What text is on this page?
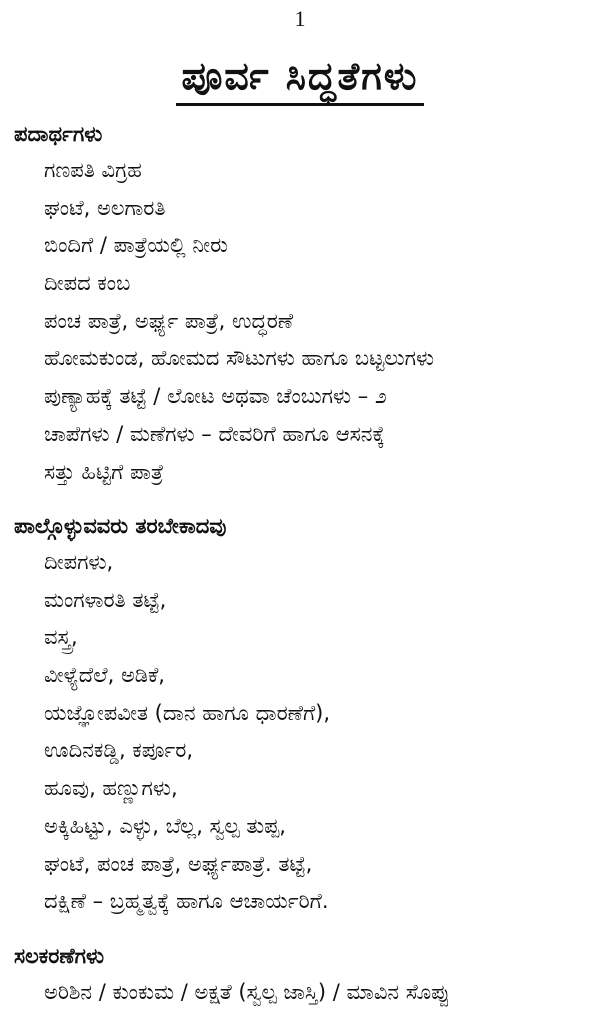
1
ಪೂರ್ವ ಸಿದ್ಧತೆಗಳು
ಪದಾರ್ಥಗಳು
ಗಣಪತಿ ವಿಗ್ರಹ
ಘಂಟೆ, ಅಲಗಾರತಿ
ಬಿಂದಿಗೆ / ಪಾತ್ರೆಯಲ್ಲಿ ನೀರು
ದೀಪದ ಕಂಬ
ಪಂಚ ಪಾತ್ರೆ, ಅರ್ಘ್ಯ ಪಾತ್ರೆ, ಉದ್ಧರಣೆ
ಹೋಮಕುಂಡ, ಹೋಮದ ಸೌಟುಗಳು ಹಾಗೂ ಬಟ್ಟಲುಗಳು
ಪುಣ್ಯಾಹಕ್ಕೆ ತಟ್ಟೆ / ಲೋಟ ಅಥವಾ ಚೆಂಬುಗಳು – ೨
ಚಾಪೆಗಳು / ಮಣೆಗಳು – ದೇವರಿಗೆ ಹಾಗೂ ಆಸನಕ್ಕೆ
ಸತ್ತು ಹಿಟ್ಟಿಗೆ ಪಾತ್ರೆ
ಪಾಲ್ಗೊಳ್ಳುವವರು ತರಬೇಕಾದವು
ದೀಪಗಳು,
ಮಂಗಳಾರತಿ ತಟ್ಟೆ,
ವಸ್ತ್ರ,
ವೀಳ್ಯೆದೆಲೆ, ಅಡಿಕೆ,
ಯಜ್ಞೋಪವೀತ (ದಾನ ಹಾಗೂ ಧಾರಣೆಗೆ),
ಊದಿನಕಡ್ಡಿ, ಕರ್ಪೂರ,
ಹೂವು, ಹಣ್ಣುಗಳು,
ಅಕ್ಕಿಹಿಟ್ಟು, ಎಳ್ಳು, ಬೆಲ್ಲ, ಸ್ವಲ್ಪ ತುಪ್ಪ,
ಘಂಟೆ, ಪಂಚ ಪಾತ್ರೆ, ಅರ್ಘ್ಯಪಾತ್ರೆ. ತಟ್ಟೆ,
ದಕ್ಷಿಣೆ – ಬ್ರಹ್ಮತ್ವಕ್ಕೆ ಹಾಗೂ ಆಚಾರ್ಯರಿಗೆ.
ಸಲಕರಣೆಗಳು
ಅರಿಶಿನ / ಕುಂಕುಮ / ಅಕ್ಷತೆ (ಸ್ವಲ್ಪ ಜಾಸ್ತಿ) / ಮಾವಿನ ಸೊಪ್ಪು
